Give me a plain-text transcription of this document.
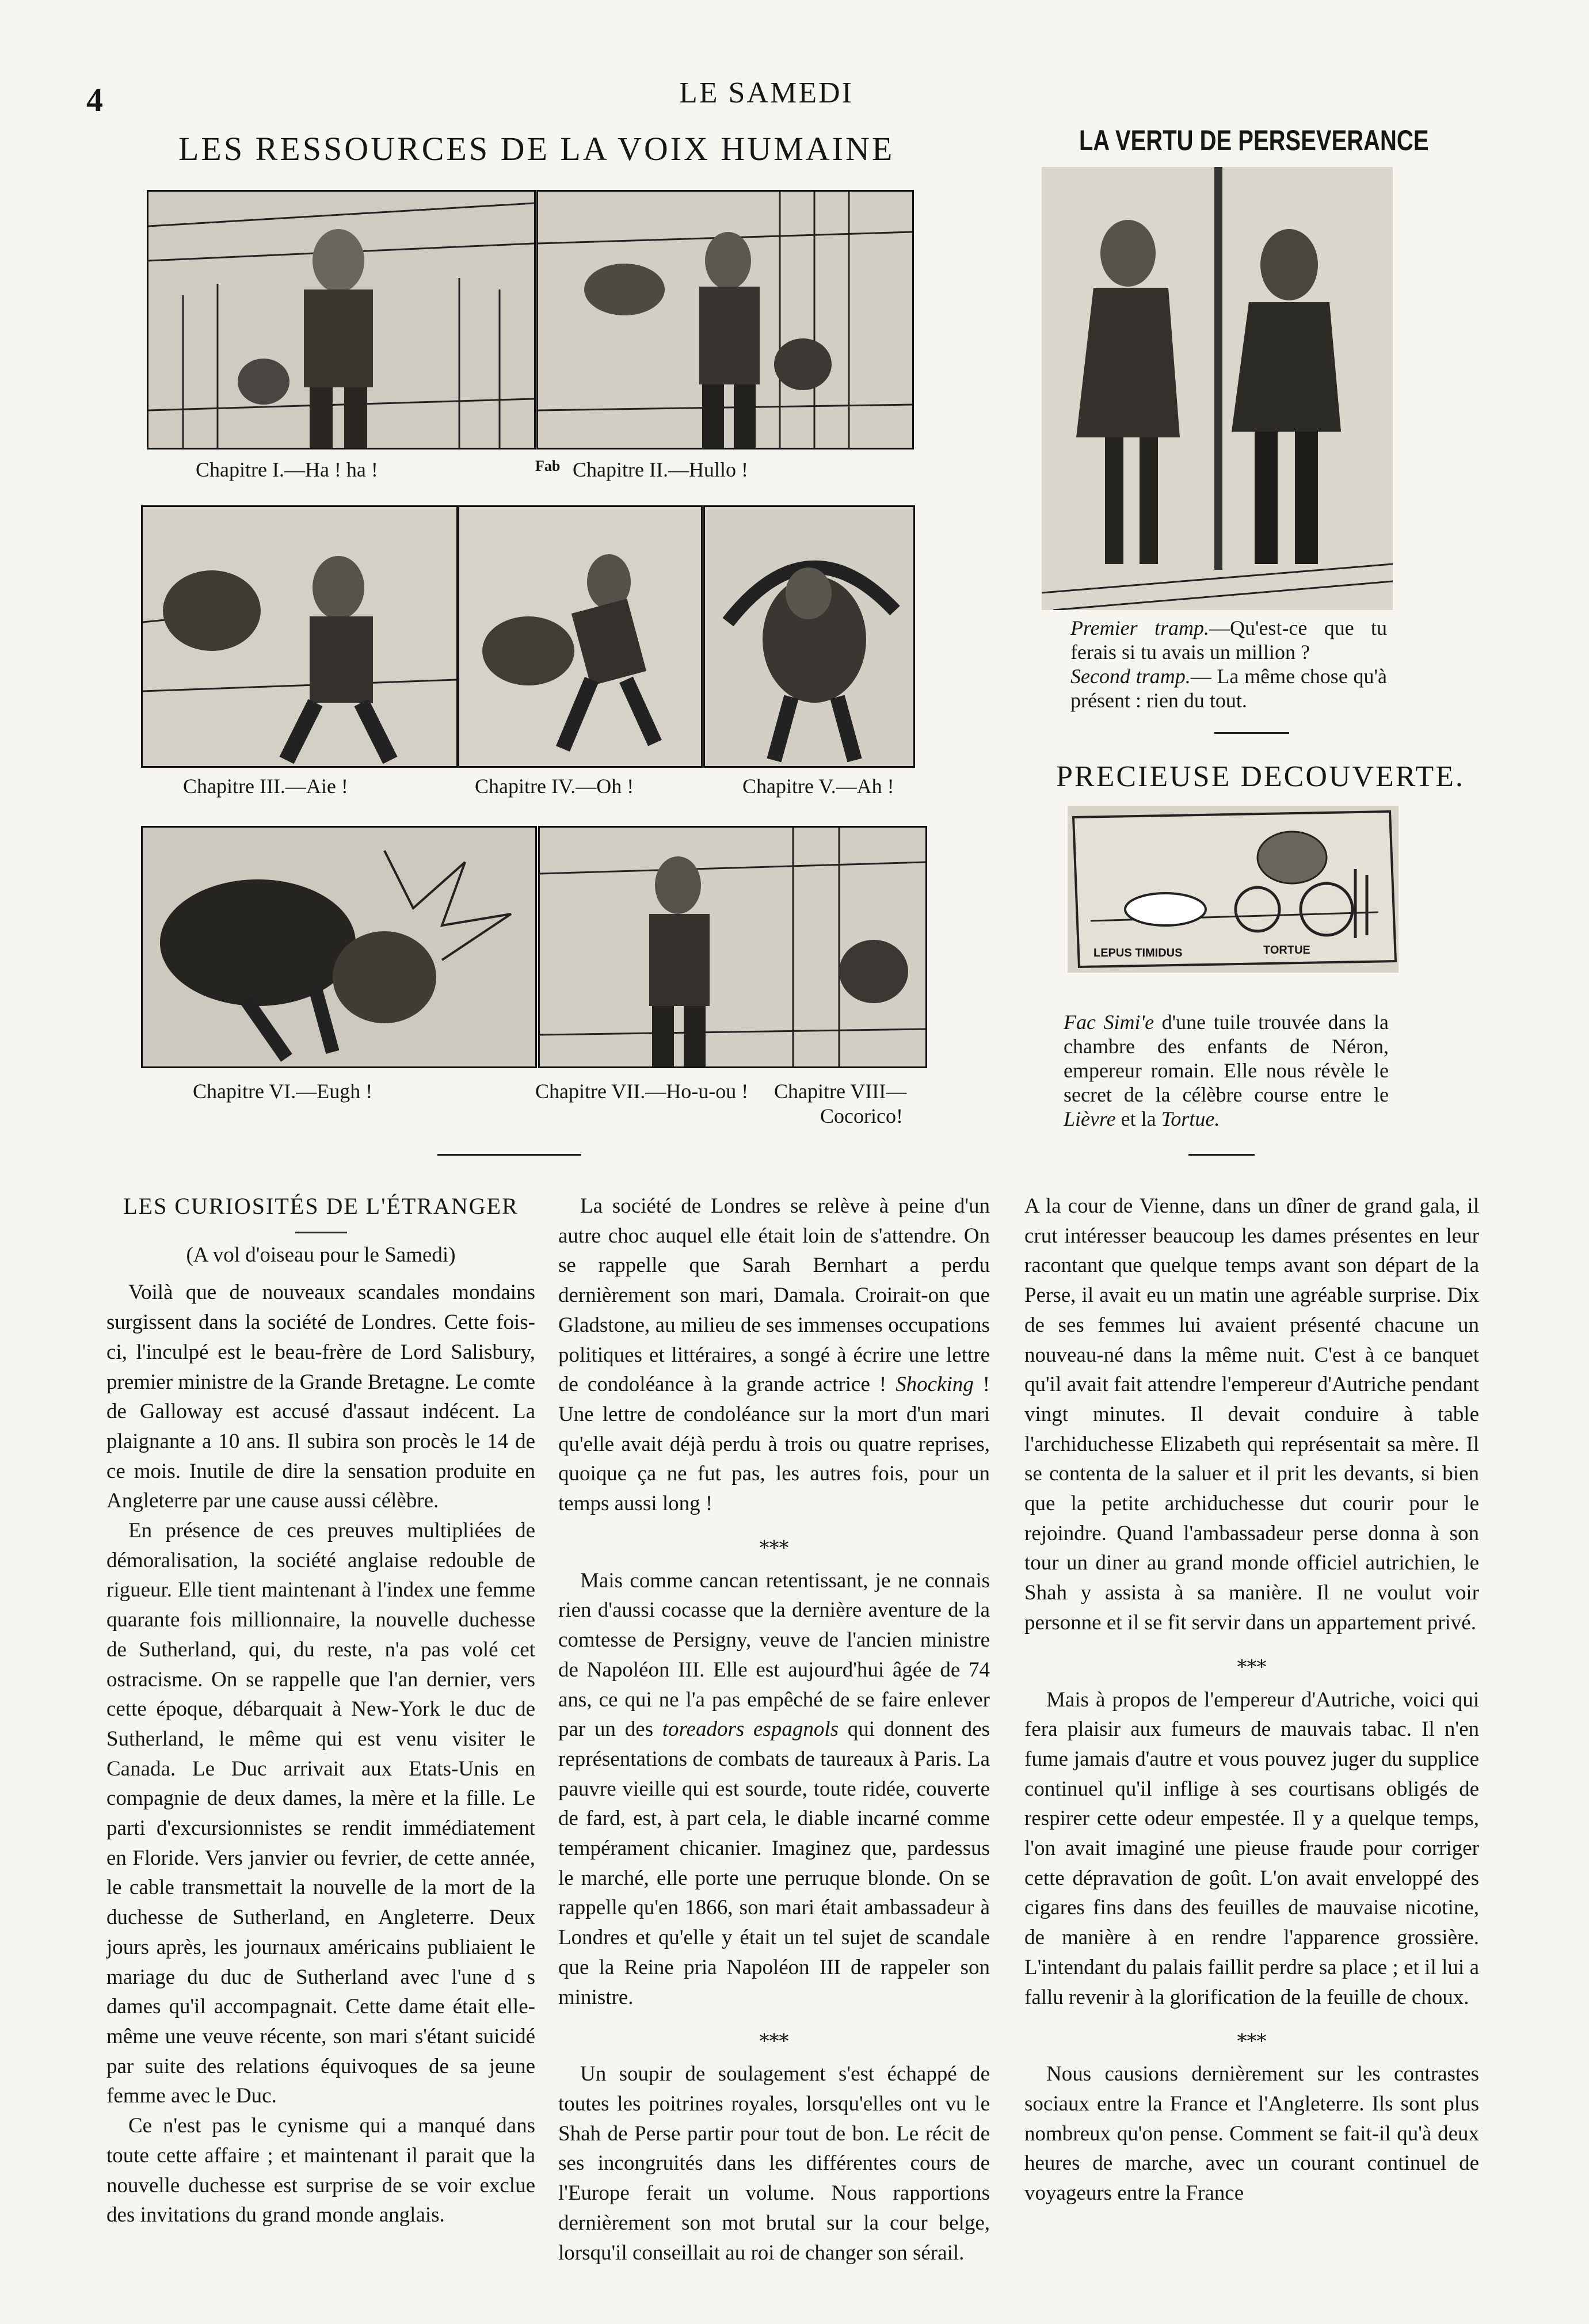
4	LE SAMEDI
LES RESSOURCES DE LA VOIX HUMAINE
Chapitre I.—Ha ! ha !	Fab Chapitre II.—Hullo !
Chapitre III.—Aie !	Chapitre IV.—Oh !	Chapitre V.—Ah !
Chapitre VI.—Eugh !	Chapitre VII.—Ho-u-ou ! Chapitre VIII—
Cocorico!
LA VERTU DE PERSEVERANCE
Premier tramp.—Qu'est-ce que tu ferais si tu avais un million ?
Second tramp.— La même chose qu'à présent : rien du tout.
PRECIEUSE DECOUVERTE.
LEPUS TIMIDUS	TORTUE
Fac Simi'e d'une tuile trouvée dans la chambre des enfants de Néron, empereur romain. Elle nous révèle le secret de la célèbre course entre le Lièvre et la Tortue.
LES CURIOSITÉS DE L'ÉTRANGER

(A vol d'oiseau pour le Samedi)

Voilà que de nouveaux scandales mondains surgissent dans la société de Londres. Cette fois-ci, l'inculpé est le beau-frère de Lord Salisbury, premier ministre de la Grande Bretagne. Le comte de Galloway est accusé d'assaut indécent. La plaignante a 10 ans. Il subira son procès le 14 de ce mois. Inutile de dire la sensation produite en Angleterre par une cause aussi célèbre.

En présence de ces preuves multipliées de démoralisation, la société anglaise redouble de rigueur. Elle tient maintenant à l'index une femme quarante fois millionnaire, la nouvelle duchesse de Sutherland, qui, du reste, n'a pas volé cet ostracisme. On se rappelle que l'an dernier, vers cette époque, débarquait à New-York le duc de Sutherland, le même qui est venu visiter le Canada. Le Duc arrivait aux Etats-Unis en compagnie de deux dames, la mère et la fille. Le parti d'excursionnistes se rendit immédiatement en Floride. Vers janvier ou fevrier, de cette année, le cable transmettait la nouvelle de la mort de la duchesse de Sutherland, en Angleterre. Deux jours après, les journaux américains publiaient le mariage du duc de Sutherland avec l'une d s dames qu'il accompagnait. Cette dame était elle-même une veuve récente, son mari s'étant suicidé par suite des relations équivoques de sa jeune femme avec le Duc.

Ce n'est pas le cynisme qui a manqué dans toute cette affaire ; et maintenant il parait que la nouvelle duchesse est surprise de se voir exclue des invitations du grand monde anglais.

La société de Londres se relève à peine d'un autre choc auquel elle était loin de s'attendre. On se rappelle que Sarah Bernhart a perdu dernièrement son mari, Damala. Croirait-on que Gladstone, au milieu de ses immenses occupations politiques et littéraires, a songé à écrire une lettre de condoléance à la grande actrice ! Shocking ! Une lettre de condoléance sur la mort d'un mari qu'elle avait déjà perdu à trois ou quatre reprises, quoique ça ne fut pas, les autres fois, pour un temps aussi long !

⁎⁎⁎

Mais comme cancan retentissant, je ne connais rien d'aussi cocasse que la dernière aventure de la comtesse de Persigny, veuve de l'ancien ministre de Napoléon III. Elle est aujourd'hui âgée de 74 ans, ce qui ne l'a pas empêché de se faire enlever par un des toreadors espagnols qui donnent des représentations de combats de taureaux à Paris. La pauvre vieille qui est sourde, toute ridée, couverte de fard, est, à part cela, le diable incarné comme tempérament chicanier. Imaginez que, pardessus le marché, elle porte une perruque blonde. On se rappelle qu'en 1866, son mari était ambassadeur à Londres et qu'elle y était un tel sujet de scandale que la Reine pria Napoléon III de rappeler son ministre.

⁎⁎⁎

Un soupir de soulagement s'est échappé de toutes les poitrines royales, lorsqu'elles ont vu le Shah de Perse partir pour tout de bon. Le récit de ses incongruités dans les différentes cours de l'Europe ferait un volume. Nous rapportions dernièrement son mot brutal sur la cour belge, lorsqu'il conseillait au roi de changer son sérail.

A la cour de Vienne, dans un dîner de grand gala, il crut intéresser beaucoup les dames présentes en leur racontant que quelque temps avant son départ de la Perse, il avait eu un matin une agréable surprise. Dix de ses femmes lui avaient présenté chacune un nouveau-né dans la même nuit. C'est à ce banquet qu'il avait fait attendre l'empereur d'Autriche pendant vingt minutes. Il devait conduire à table l'archiduchesse Elizabeth qui représentait sa mère. Il se contenta de la saluer et il prit les devants, si bien que la petite archiduchesse dut courir pour le rejoindre. Quand l'ambassadeur perse donna à son tour un diner au grand monde officiel autrichien, le Shah y assista à sa manière. Il ne voulut voir personne et il se fit servir dans un appartement privé.

⁎⁎⁎

Mais à propos de l'empereur d'Autriche, voici qui fera plaisir aux fumeurs de mauvais tabac. Il n'en fume jamais d'autre et vous pouvez juger du supplice continuel qu'il inflige à ses courtisans obligés de respirer cette odeur empestée. Il y a quelque temps, l'on avait imaginé une pieuse fraude pour corriger cette dépravation de goût. L'on avait enveloppé des cigares fins dans des feuilles de mauvaise nicotine, de manière à en rendre l'apparence grossière. L'intendant du palais faillit perdre sa place ; et il lui a fallu revenir à la glorification de la feuille de choux.

⁎⁎⁎

Nous causions dernièrement sur les contrastes sociaux entre la France et l'Angleterre. Ils sont plus nombreux qu'on pense. Comment se fait-il qu'à deux heures de marche, avec un courant continuel de voyageurs entre la France
